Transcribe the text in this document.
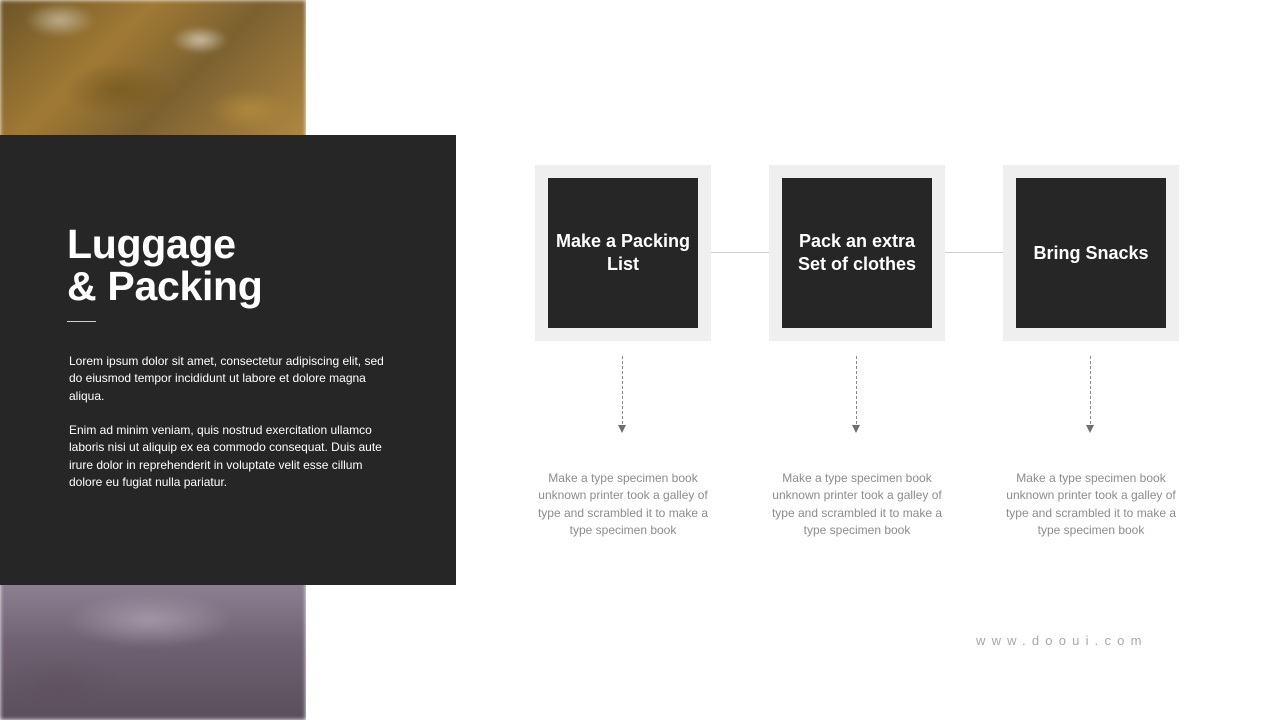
Luggage
& Packing

Lorem ipsum dolor sit amet, consectetur adipiscing elit, sed do eiusmod tempor incididunt ut labore et dolore magna aliqua.

Enim ad minim veniam, quis nostrud exercitation ullamco laboris nisi ut aliquip ex ea commodo consequat. Duis aute irure dolor in reprehenderit in voluptate velit esse cillum dolore eu fugiat nulla pariatur.

Make a Packing List
Pack an extra Set of clothes
Bring Snacks

Make a type specimen book unknown printer took a galley of type and scrambled it to make a type specimen book

Make a type specimen book unknown printer took a galley of type and scrambled it to make a type specimen book

Make a type specimen book unknown printer took a galley of type and scrambled it to make a type specimen book

www.dooui.com
